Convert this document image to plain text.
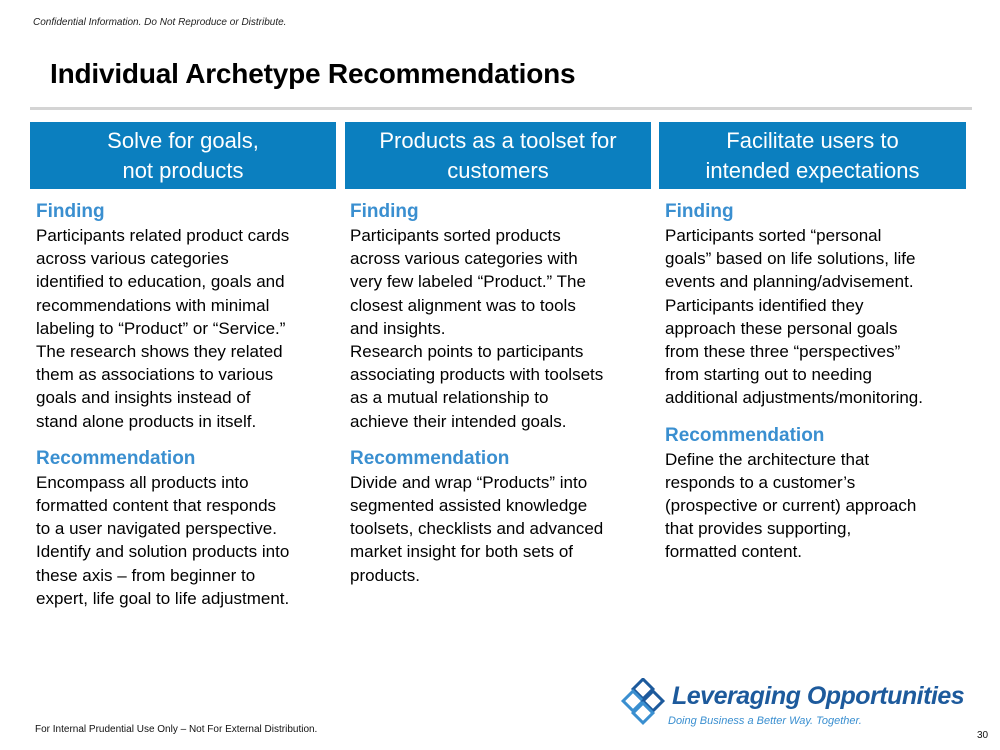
Confidential Information. Do Not Reproduce or Distribute.
Individual Archetype Recommendations
Solve for goals,
not products
Finding
Participants related product cards
across various categories
identified to education, goals and
recommendations with minimal
labeling to “Product” or “Service.”
The research shows they related
them as associations to various
goals and insights instead of
stand alone products in itself.
Recommendation
Encompass all products into
formatted content that responds
to a user navigated perspective.
Identify and solution products into
these axis – from beginner to
expert, life goal to life adjustment.
Products as a toolset for
customers
Finding
Participants sorted products
across various categories with
very few labeled “Product.” The
closest alignment was to tools
and insights.
Research points to participants
associating products with toolsets
as a mutual relationship to
achieve their intended goals.
Recommendation
Divide and wrap “Products” into
segmented assisted knowledge
toolsets, checklists and advanced
market insight for both sets of
products.
Facilitate users to
intended expectations
Finding
Participants sorted “personal
goals” based on life solutions, life
events and planning/advisement.
Participants identified they
approach these personal goals
from these three “perspectives”
from starting out to needing
additional adjustments/monitoring.
Recommendation
Define the architecture that
responds to a customer’s
(prospective or current) approach
that provides supporting,
formatted content.
For Internal Prudential Use Only – Not For External Distribution.
Leveraging Opportunities
Doing Business a Better Way. Together.
30
